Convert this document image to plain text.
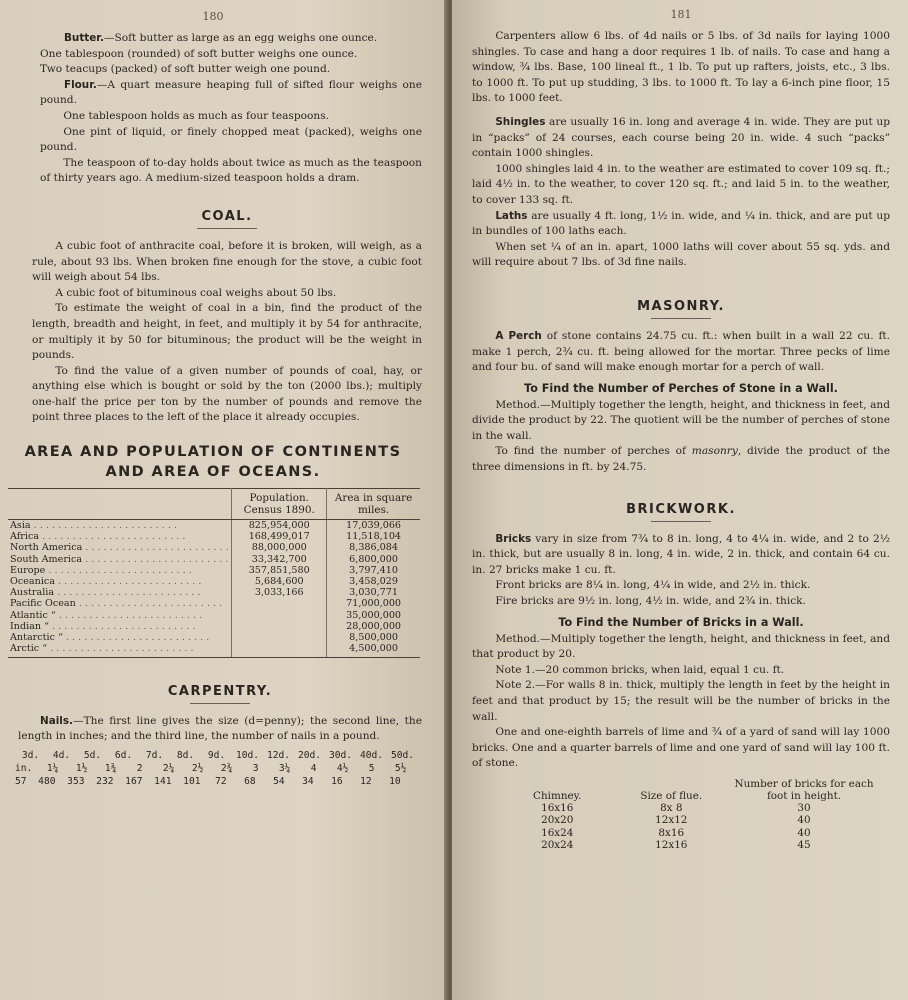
180

Butter.—Soft butter as large as an egg weighs one ounce.

One tablespoon (rounded) of soft butter weighs one ounce.

Two teacups (packed) of soft butter weigh one pound.

Flour.—A quart measure heaping full of sifted flour weighs one pound.

One tablespoon holds as much as four teaspoons.

One pint of liquid, or finely chopped meat (packed), weighs one pound.

The teaspoon of to-day holds about twice as much as the teaspoon of thirty years ago. A medium-sized teaspoon holds a dram.

COAL.

A cubic foot of anthracite coal, before it is broken, will weigh, as a rule, about 93 lbs. When broken fine enough for the stove, a cubic foot will weigh about 54 lbs.

A cubic foot of bituminous coal weighs about 50 lbs.

To estimate the weight of coal in a bin, find the product of the length, breadth and height, in feet, and multiply it by 54 for anthracite, or multiply it by 50 for bituminous; the product will be the weight in pounds.

To find the value of a given number of pounds of coal, hay, or anything else which is bought or sold by the ton (2000 lbs.); multiply one-half the price per ton by the number of pounds and remove the point three places to the left of the place it already occupies.

AREA AND POPULATION OF CONTINENTS AND AREA OF OCEANS.
	Population. Census 1890.	Area in square miles.
Asia . . . . . . . . . . . . . . . . . . . . . . . .	825,954,000	17,039,066
Africa . . . . . . . . . . . . . . . . . . . . . . . .	168,499,017	11,518,104
North America . . . . . . . . . . . . . . . . . . . . . . . .	88,000,000	8,386,084
South America . . . . . . . . . . . . . . . . . . . . . . . .	33,342,700	6,800,000
Europe . . . . . . . . . . . . . . . . . . . . . . . .	357,851,580	3,797,410
Oceanica . . . . . . . . . . . . . . . . . . . . . . . .	5,684,600	3,458,029
Australia . . . . . . . . . . . . . . . . . . . . . . . .	3,033,166	3,030,771
Pacific Ocean . . . . . . . . . . . . . . . . . . . . . . . .		71,000,000
Atlantic “ . . . . . . . . . . . . . . . . . . . . . . . .		35,000,000
Indian “ . . . . . . . . . . . . . . . . . . . . . . . .		28,000,000
Antarctic “ . . . . . . . . . . . . . . . . . . . . . . . .		8,500,000
Arctic “ . . . . . . . . . . . . . . . . . . . . . . . .		4,500,000
CARPENTRY.

Nails.—The first line gives the size (d=penny); the second line, the length in inches; and the third line, the number of nails in a pound.

3d. 4d. 5d. 6d. 7d. 8d. 9d. 10d. 12d. 20d. 30d. 40d. 50d.
in. 1¼ 1½ 1¾ 2 2¼ 2½ 2¾ 3 3¼ 4 4½ 5 5½
57 480 353 232 167 141 101 72 68 54 34 16 12 10
181

Carpenters allow 6 lbs. of 4d nails or 5 lbs. of 3d nails for laying 1000 shingles. To case and hang a door requires 1 lb. of nails. To case and hang a window, ¾ lbs. Base, 100 lineal ft., 1 lb. To put up rafters, joists, etc., 3 lbs. to 1000 ft. To put up studding, 3 lbs. to 1000 ft. To lay a 6-inch pine floor, 15 lbs. to 1000 feet.

Shingles are usually 16 in. long and average 4 in. wide. They are put up in “packs” of 24 courses, each course being 20 in. wide. 4 such “packs” contain 1000 shingles.

1000 shingles laid 4 in. to the weather are estimated to cover 109 sq. ft.; laid 4½ in. to the weather, to cover 120 sq. ft.; and laid 5 in. to the weather, to cover 133 sq. ft.

Laths are usually 4 ft. long, 1½ in. wide, and ¼ in. thick, and are put up in bundles of 100 laths each.

When set ¼ of an in. apart, 1000 laths will cover about 55 sq. yds. and will require about 7 lbs. of 3d fine nails.

MASONRY.

A Perch of stone contains 24.75 cu. ft.: when built in a wall 22 cu. ft. make 1 perch, 2¾ cu. ft. being allowed for the mortar. Three pecks of lime and four bu. of sand will make enough mortar for a perch of wall.

To Find the Number of Perches of Stone in a Wall.

Method.—Multiply together the length, height, and thickness in feet, and divide the product by 22. The quotient will be the number of perches of stone in the wall.

To find the number of perches of masonry, divide the product of the three dimensions in ft. by 24.75.

BRICKWORK.

Bricks vary in size from 7¾ to 8 in. long, 4 to 4¼ in. wide, and 2 to 2½ in. thick, but are usually 8 in. long, 4 in. wide, 2 in. thick, and contain 64 cu. in. 27 bricks make 1 cu. ft.

Front bricks are 8¼ in. long, 4¼ in wide, and 2½ in. thick.

Fire bricks are 9½ in. long, 4½ in. wide, and 2¾ in. thick.

To Find the Number of Bricks in a Wall.

Method.—Multiply together the length, height, and thickness in feet, and that product by 20.

Note 1.—20 common bricks, when laid, equal 1 cu. ft.

Note 2.—For walls 8 in. thick, multiply the length in feet by the height in feet and that product by 15; the result will be the number of bricks in the wall.

One and one-eighth barrels of lime and ¾ of a yard of sand will lay 1000 bricks. One and a quarter barrels of lime and one yard of sand will lay 100 ft. of stone.

Chimney.	Size of flue.	Number of bricks for each foot in height.
16x16	8x 8	30
20x20	12x12	40
16x24	8x16	40
20x24	12x16	45
